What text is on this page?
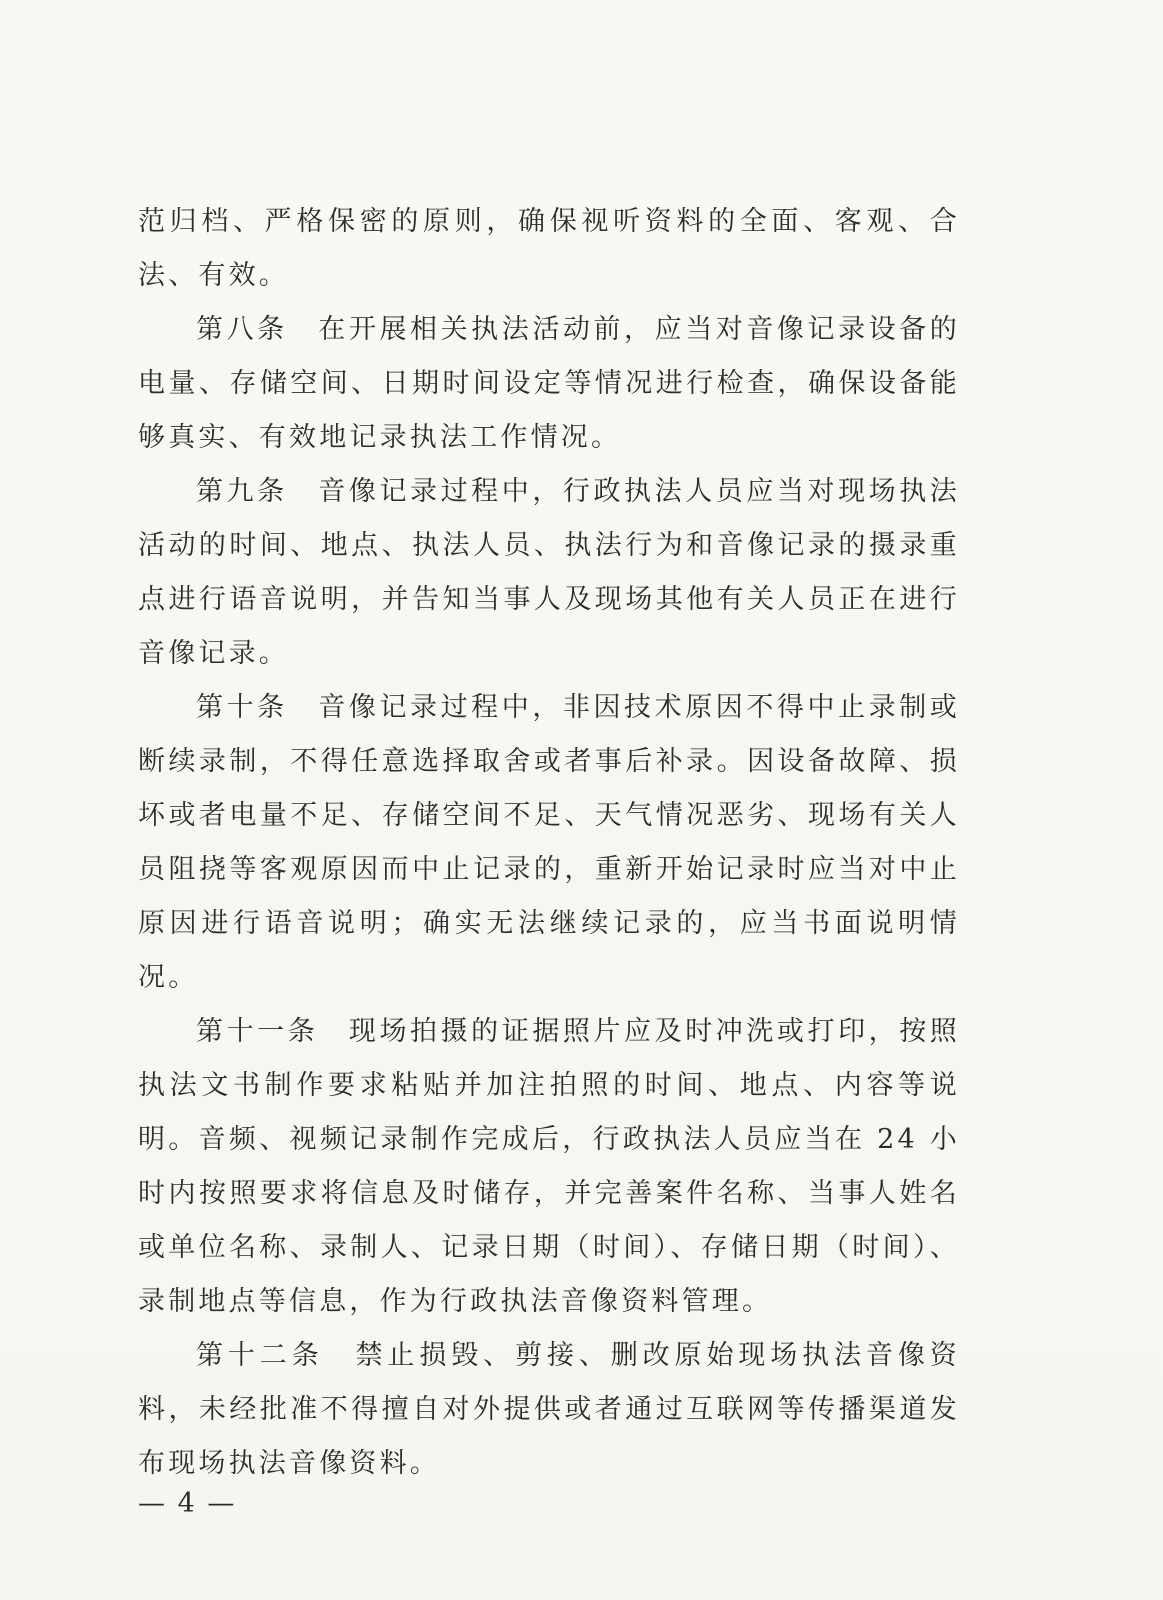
范归档、严格保密的原则，确保视听资料的全面、客观、合法、有效。

第八条　在开展相关执法活动前，应当对音像记录设备的电量、存储空间、日期时间设定等情况进行检查，确保设备能够真实、有效地记录执法工作情况。

第九条　音像记录过程中，行政执法人员应当对现场执法活动的时间、地点、执法人员、执法行为和音像记录的摄录重点进行语音说明，并告知当事人及现场其他有关人员正在进行音像记录。

第十条　音像记录过程中，非因技术原因不得中止录制或断续录制，不得任意选择取舍或者事后补录。因设备故障、损坏或者电量不足、存储空间不足、天气情况恶劣、现场有关人员阻挠等客观原因而中止记录的，重新开始记录时应当对中止原因进行语音说明；确实无法继续记录的，应当书面说明情况。

第十一条　现场拍摄的证据照片应及时冲洗或打印，按照执法文书制作要求粘贴并加注拍照的时间、地点、内容等说明。音频、视频记录制作完成后，行政执法人员应当在 24 小时内按照要求将信息及时储存，并完善案件名称、当事人姓名或单位名称、录制人、记录日期（时间）、存储日期（时间）、录制地点等信息，作为行政执法音像资料管理。

第十二条　禁止损毁、剪接、删改原始现场执法音像资料，未经批准不得擅自对外提供或者通过互联网等传播渠道发布现场执法音像资料。

— 4 —
